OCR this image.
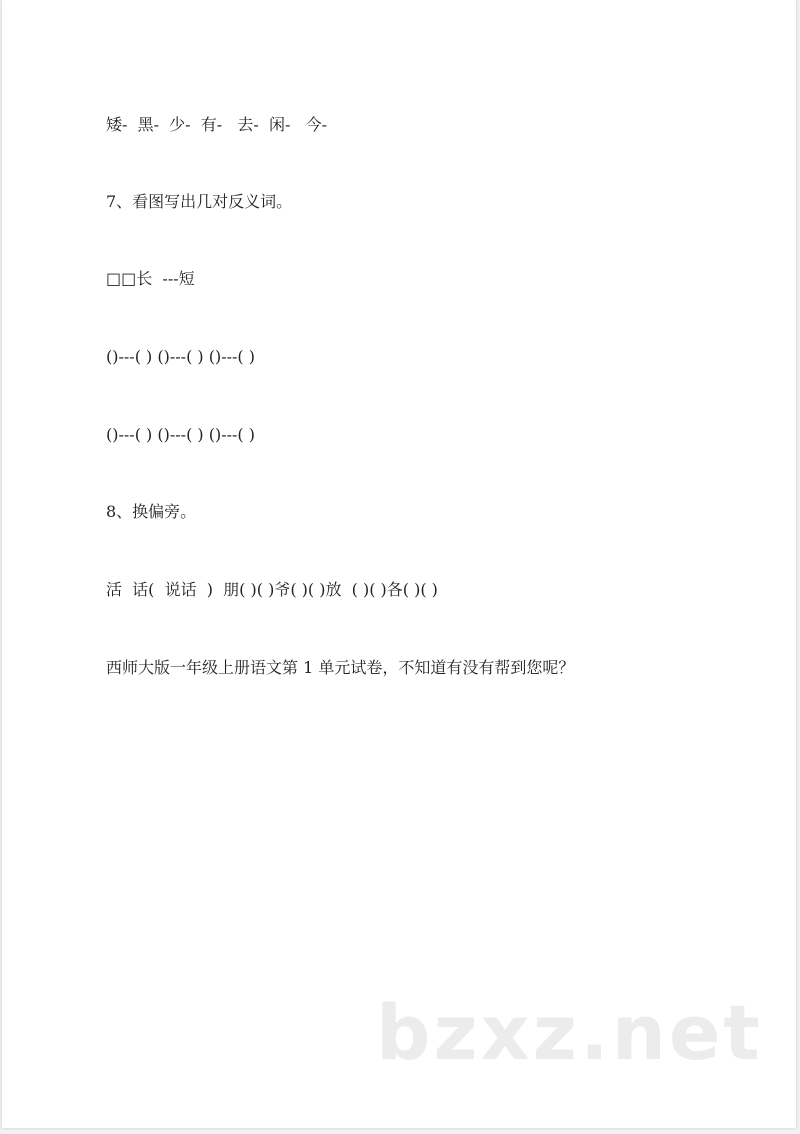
矮-  黑-  少-  有-   去-  闲-   今-
7、看图写出几对反义词。
□□长  ---短
()---( ) ()---( ) ()---( )
()---( ) ()---( ) ()---( )
8、换偏旁。
活  话(  说话  )  朋( )( )爷( )( )放  ( )( )各( )( )
西师大版一年级上册语文第 1 单元试卷，不知道有没有帮到您呢？
bzxz.net
